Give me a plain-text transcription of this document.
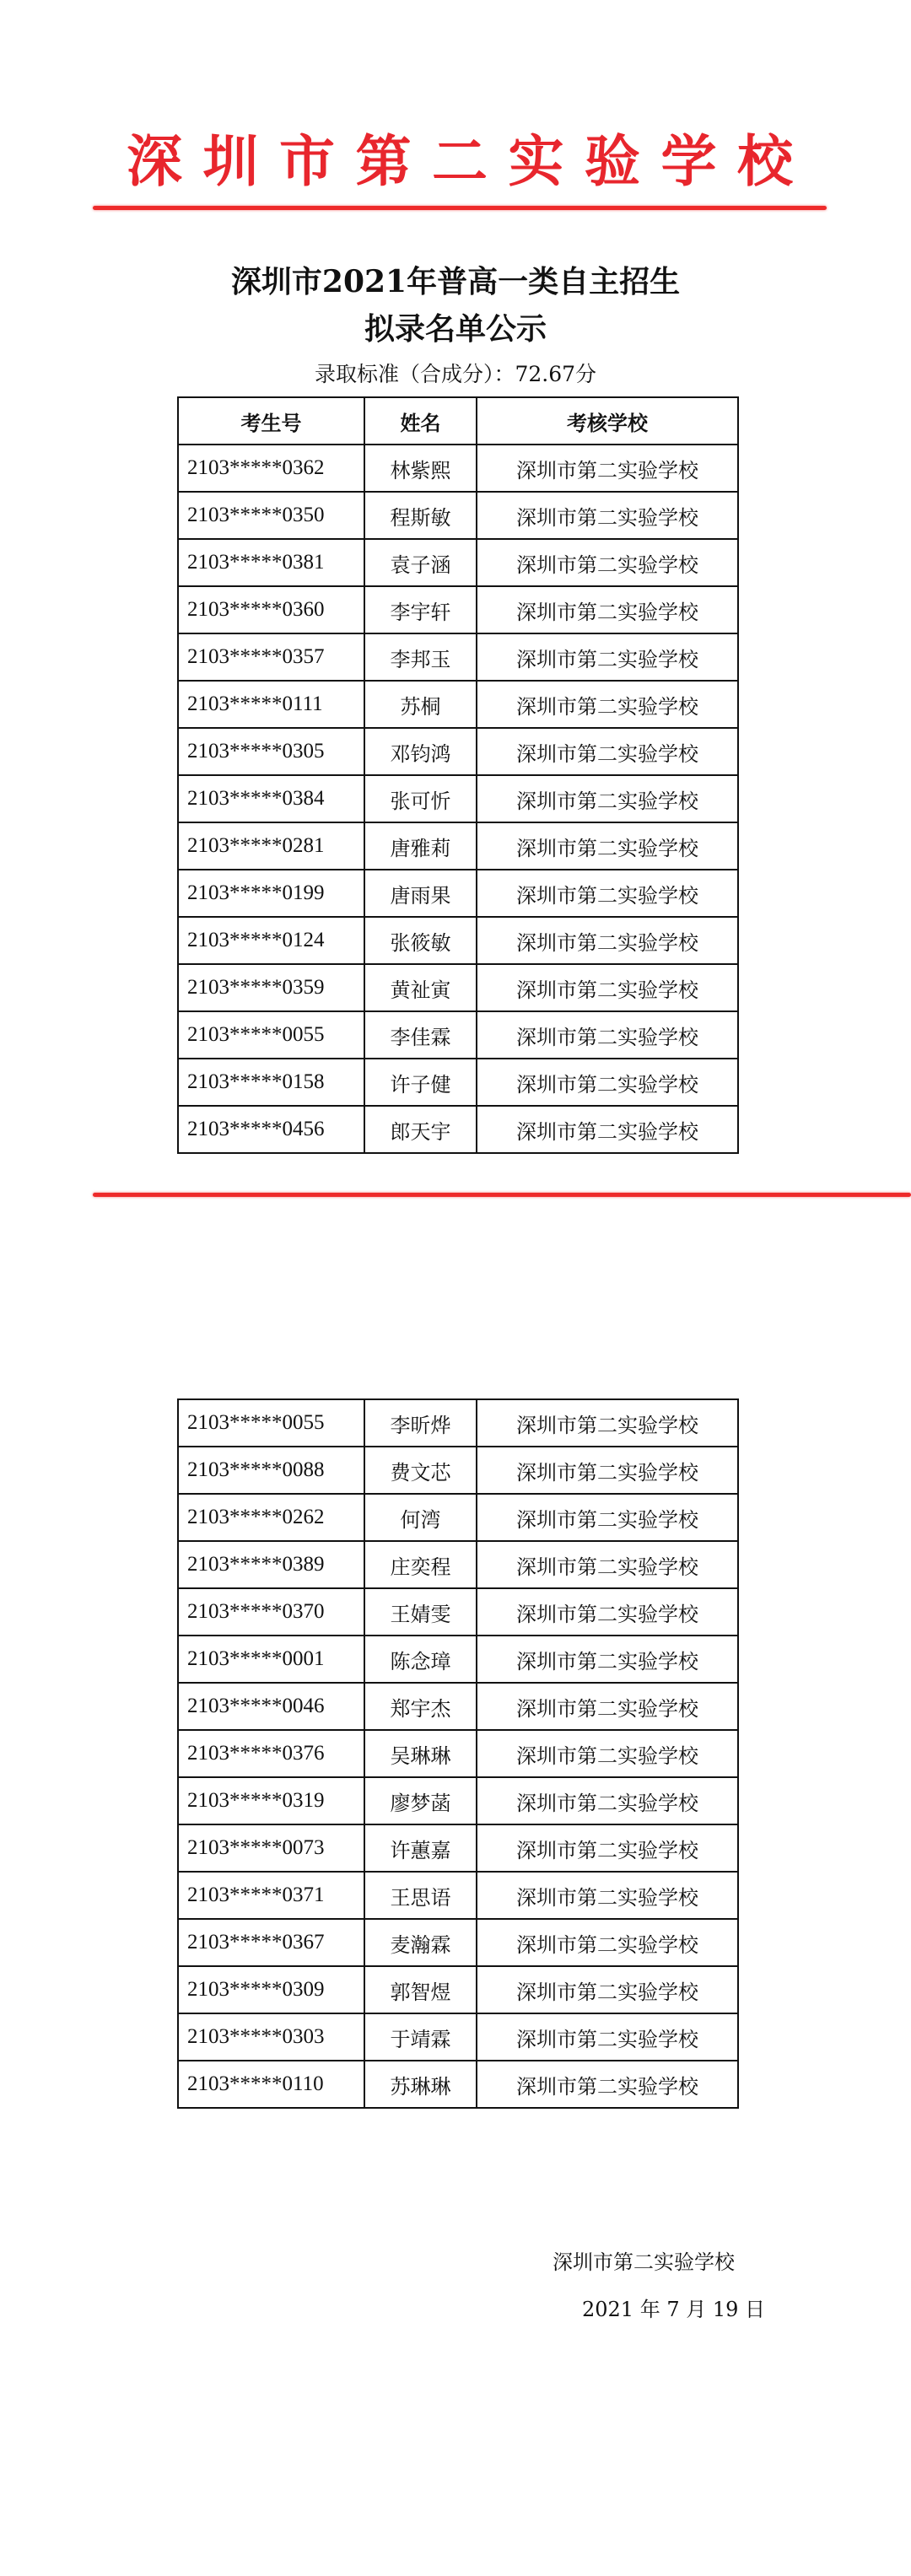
深 圳 市 第 二 实 验 学 校
深圳市2021年普高一类自主招生
拟录名单公示
录取标准（合成分）：72.67分
考生号	姓名	考核学校
2103*****0362	林紫熙	深圳市第二实验学校
2103*****0350	程斯敏	深圳市第二实验学校
2103*****0381	袁子涵	深圳市第二实验学校
2103*****0360	李宇轩	深圳市第二实验学校
2103*****0357	李邦玉	深圳市第二实验学校
2103*****0111	苏桐	深圳市第二实验学校
2103*****0305	邓钧鸿	深圳市第二实验学校
2103*****0384	张可忻	深圳市第二实验学校
2103*****0281	唐雅莉	深圳市第二实验学校
2103*****0199	唐雨果	深圳市第二实验学校
2103*****0124	张筱敏	深圳市第二实验学校
2103*****0359	黄祉寅	深圳市第二实验学校
2103*****0055	李佳霖	深圳市第二实验学校
2103*****0158	许子健	深圳市第二实验学校
2103*****0456	郎天宇	深圳市第二实验学校
2103*****0055	李昕烨	深圳市第二实验学校
2103*****0088	费文芯	深圳市第二实验学校
2103*****0262	何湾	深圳市第二实验学校
2103*****0389	庄奕程	深圳市第二实验学校
2103*****0370	王婧雯	深圳市第二实验学校
2103*****0001	陈念璋	深圳市第二实验学校
2103*****0046	郑宇杰	深圳市第二实验学校
2103*****0376	吴琳琳	深圳市第二实验学校
2103*****0319	廖梦菡	深圳市第二实验学校
2103*****0073	许蕙嘉	深圳市第二实验学校
2103*****0371	王思语	深圳市第二实验学校
2103*****0367	麦瀚霖	深圳市第二实验学校
2103*****0309	郭智煜	深圳市第二实验学校
2103*****0303	于靖霖	深圳市第二实验学校
2103*****0110	苏琳琳	深圳市第二实验学校
深圳市第二实验学校
2021 年 7 月 19 日
